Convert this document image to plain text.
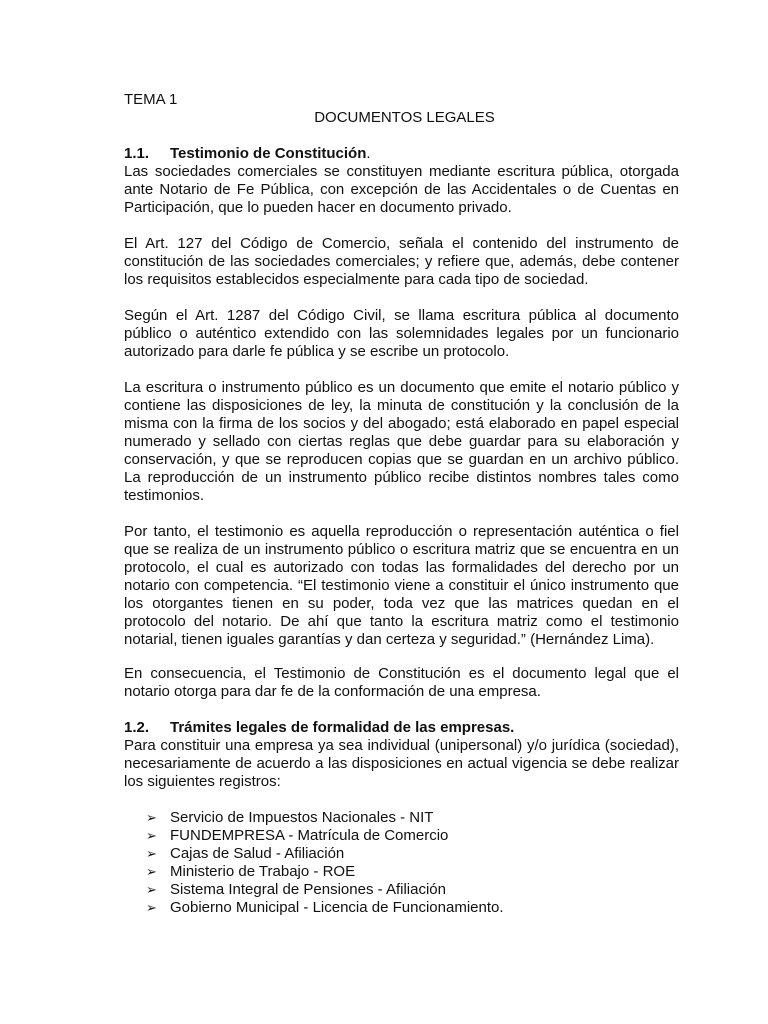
TEMA 1

DOCUMENTOS LEGALES

1.1. Testimonio de Constitución.

Las sociedades comerciales se constituyen mediante escritura pública, otorgada ante Notario de Fe Pública, con excepción de las Accidentales o de Cuentas en Participación, que lo pueden hacer en documento privado.

El Art. 127 del Código de Comercio, señala el contenido del instrumento de constitución de las sociedades comerciales; y refiere que, además, debe contener los requisitos establecidos especialmente para cada tipo de sociedad.

Según el Art. 1287 del Código Civil, se llama escritura pública al documento público o auténtico extendido con las solemnidades legales por un funcionario autorizado para darle fe pública y se escribe un protocolo.

La escritura o instrumento público es un documento que emite el notario público y contiene las disposiciones de ley, la minuta de constitución y la conclusión de la misma con la firma de los socios y del abogado; está elaborado en papel especial numerado y sellado con ciertas reglas que debe guardar para su elaboración y conservación, y que se reproducen copias que se guardan en un archivo público. La reproducción de un instrumento público recibe distintos nombres tales como testimonios.

Por tanto, el testimonio es aquella reproducción o representación auténtica o fiel que se realiza de un instrumento público o escritura matriz que se encuentra en un protocolo, el cual es autorizado con todas las formalidades del derecho por un notario con competencia. “El testimonio viene a constituir el único instrumento que los otorgantes tienen en su poder, toda vez que las matrices quedan en el protocolo del notario. De ahí que tanto la escritura matriz como el testimonio notarial, tienen iguales garantías y dan certeza y seguridad.” (Hernández Lima).

En consecuencia, el Testimonio de Constitución es el documento legal que el notario otorga para dar fe de la conformación de una empresa.

1.2. Trámites legales de formalidad de las empresas.

Para constituir una empresa ya sea individual (unipersonal) y/o jurídica (sociedad), necesariamente de acuerdo a las disposiciones en actual vigencia se debe realizar los siguientes registros:

➢ Servicio de Impuestos Nacionales - NIT
➢ FUNDEMPRESA - Matrícula de Comercio
➢ Cajas de Salud - Afiliación
➢ Ministerio de Trabajo - ROE
➢ Sistema Integral de Pensiones - Afiliación
➢ Gobierno Municipal - Licencia de Funcionamiento.
